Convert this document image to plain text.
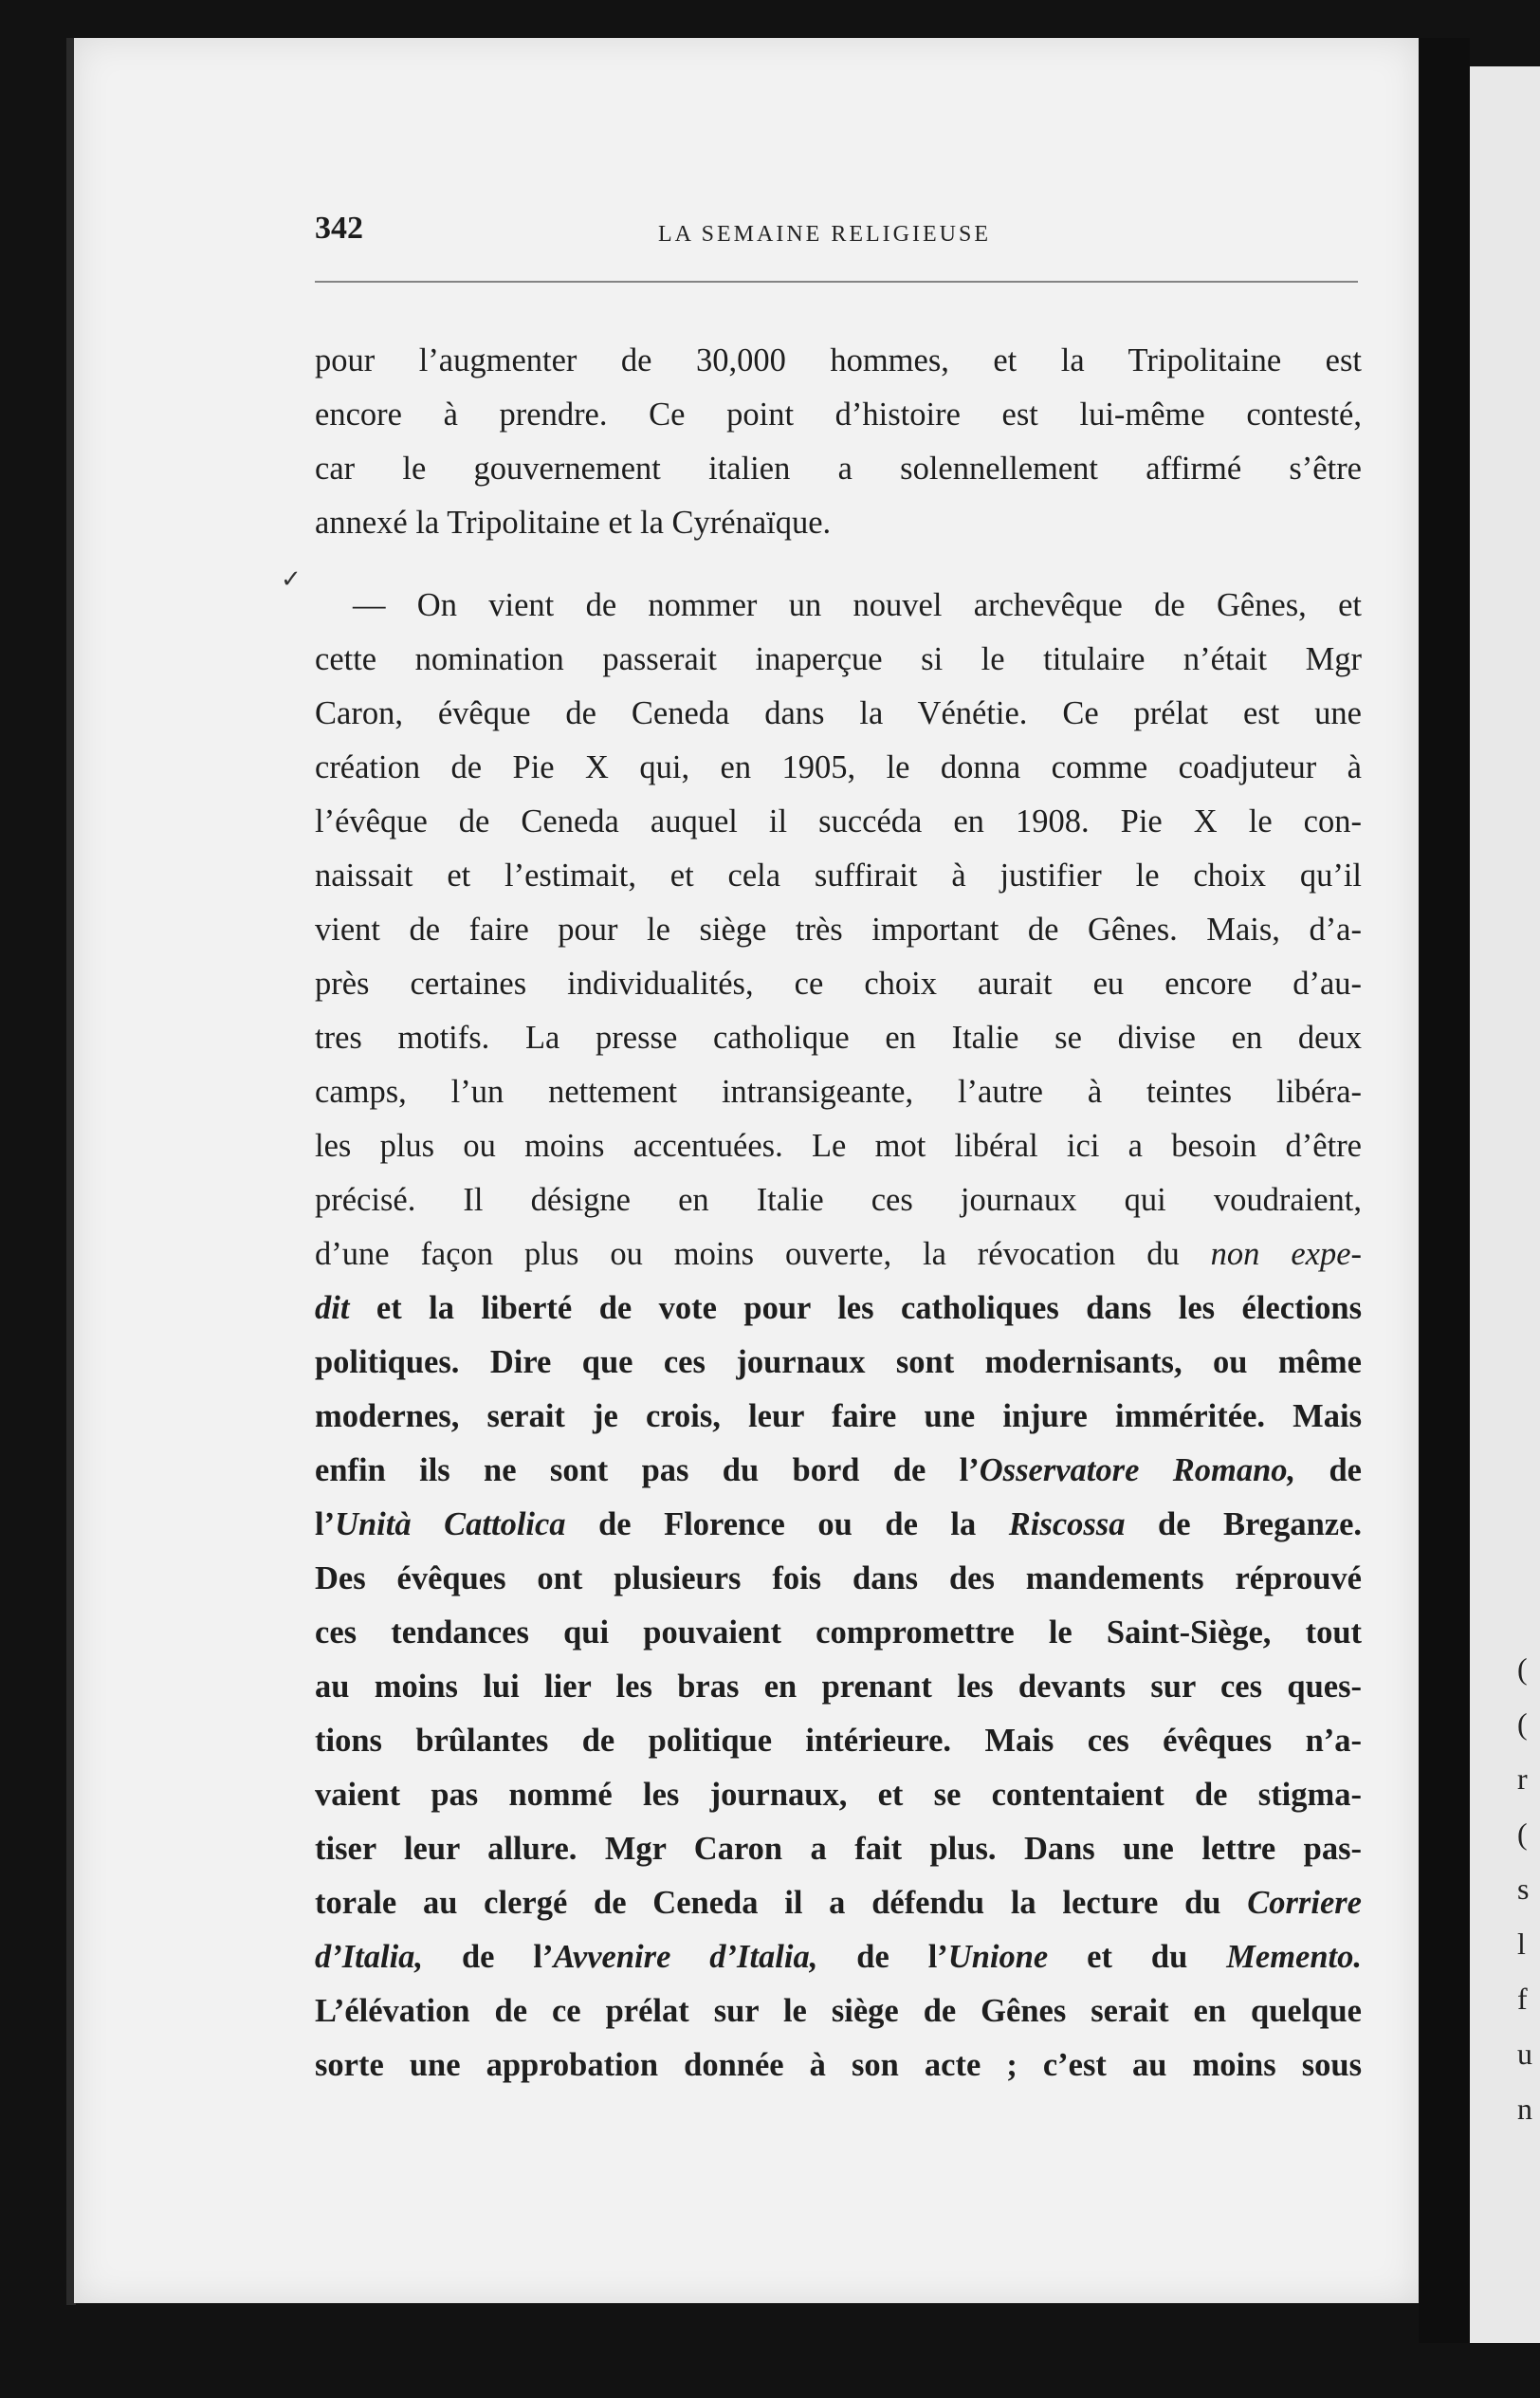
342	LA SEMAINE RELIGIEUSE
✓
pour l’augmenter de 30,000 hommes, et la Tripolitaine est
encore à prendre. Ce point d’histoire est lui-même contesté,
car le gouvernement italien a solennellement affirmé s’être
annexé la Tripolitaine et la Cyrénaïque.
— On vient de nommer un nouvel archevêque de Gênes, et
cette nomination passerait inaperçue si le titulaire n’était Mgr
Caron, évêque de Ceneda dans la Vénétie. Ce prélat est une
création de Pie X qui, en 1905, le donna comme coadjuteur à
l’évêque de Ceneda auquel il succéda en 1908. Pie X le con-
naissait et l’estimait, et cela suffirait à justifier le choix qu’il
vient de faire pour le siège très important de Gênes. Mais, d’a-
près certaines individualités, ce choix aurait eu encore d’au-
tres motifs. La presse catholique en Italie se divise en deux
camps, l’un nettement intransigeante, l’autre à teintes libéra-
les plus ou moins accentuées. Le mot libéral ici a besoin d’être
précisé. Il désigne en Italie ces journaux qui voudraient,
d’une façon plus ou moins ouverte, la révocation du non expe-
dit et la liberté de vote pour les catholiques dans les élections
politiques. Dire que ces journaux sont modernisants, ou même
modernes, serait je crois, leur faire une injure imméritée. Mais
enfin ils ne sont pas du bord de l’Osservatore Romano, de
l’Unità Cattolica de Florence ou de la Riscossa de Breganze.
Des évêques ont plusieurs fois dans des mandements réprouvé
ces tendances qui pouvaient compromettre le Saint-Siège, tout
au moins lui lier les bras en prenant les devants sur ces ques-
tions brûlantes de politique intérieure. Mais ces évêques n’a-
vaient pas nommé les journaux, et se contentaient de stigma-
tiser leur allure. Mgr Caron a fait plus. Dans une lettre pas-
torale au clergé de Ceneda il a défendu la lecture du Corriere
d’Italia, de l’Avvenire d’Italia, de l’Unione et du Memento.
L’élévation de ce prélat sur le siège de Gênes serait en quelque
sorte une approbation donnée à son acte ; c’est au moins sous
(
(
r
(
s
l
f
u
n
